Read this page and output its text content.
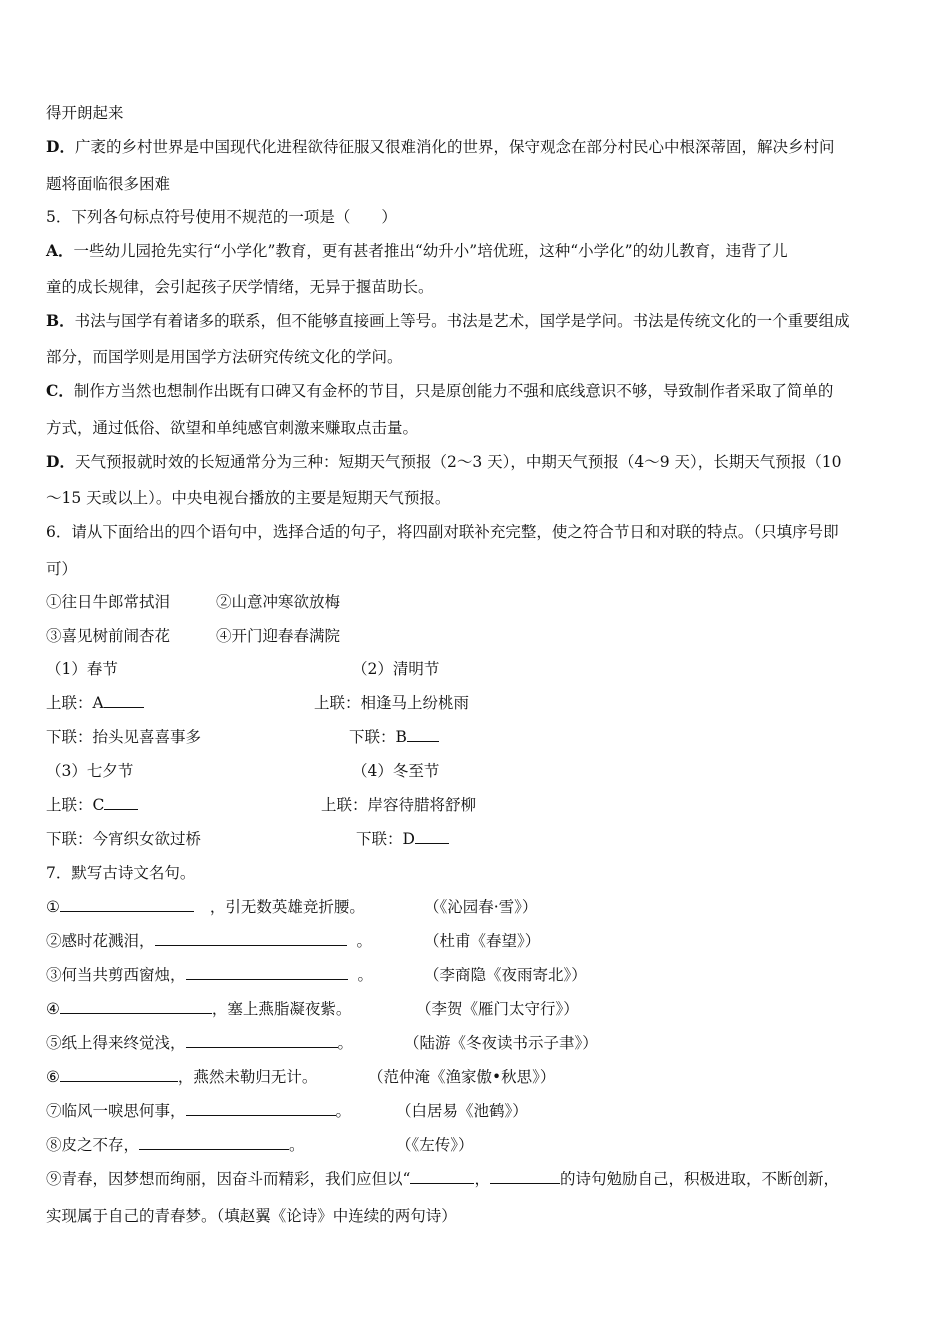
得开朗起来
D．广袤的乡村世界是中国现代化进程欲待征服又很难消化的世界，保守观念在部分村民心中根深蒂固，解决乡村问
题将面临很多困难
5．下列各句标点符号使用不规范的一项是（　　）
A．一些幼儿园抢先实行“小学化”教育，更有甚者推出“幼升小”培优班，这种“小学化”的幼儿教育，违背了儿
童的成长规律，会引起孩子厌学情绪，无异于揠苗助长。
B．书法与国学有着诸多的联系，但不能够直接画上等号。书法是艺术，国学是学问。书法是传统文化的一个重要组成
部分，而国学则是用国学方法研究传统文化的学问。
C．制作方当然也想制作出既有口碑又有金杯的节目，只是原创能力不强和底线意识不够，导致制作者采取了简单的
方式，通过低俗、欲望和单纯感官刺激来赚取点击量。
D．天气预报就时效的长短通常分为三种：短期天气预报（2～3 天），中期天气预报（4～9 天），长期天气预报（10
～15 天或以上）。中央电视台播放的主要是短期天气预报。
6．请从下面给出的四个语句中，选择合适的句子，将四副对联补充完整，使之符合节日和对联的特点。（只填序号即
可）
①往日牛郎常拭泪	②山意冲寒欲放梅
③喜见树前闹杏花	④开门迎春春满院
（1）春节	（2）清明节
上联：A	上联：相逢马上纷桃雨
下联：抬头见喜喜事多	下联：B
（3）七夕节	（4）冬至节
上联：C	上联：岸容待腊将舒柳
下联：今宵织女欲过桥	下联：D
7．默写古诗文名句。
①	，引无数英雄竞折腰。	（《沁园春·雪》）
②感时花溅泪，	。	（杜甫《春望》）
③何当共剪西窗烛，	。	（李商隐《夜雨寄北》）
④	，塞上燕脂凝夜紫。	（李贺《雁门太守行》）
⑤纸上得来终觉浅，	。	（陆游《冬夜读书示子聿》）
⑥	，燕然未勒归无计。	（范仲淹《渔家傲•秋思》）
⑦临风一唳思何事，	。	（白居易《池鹤》）
⑧皮之不存，	。	（《左传》）
⑨青春，因梦想而绚丽，因奋斗而精彩，我们应但以“	，	的诗句勉励自己，积极进取，不断创新，
实现属于自己的青春梦。（填赵翼《论诗》中连续的两句诗）
